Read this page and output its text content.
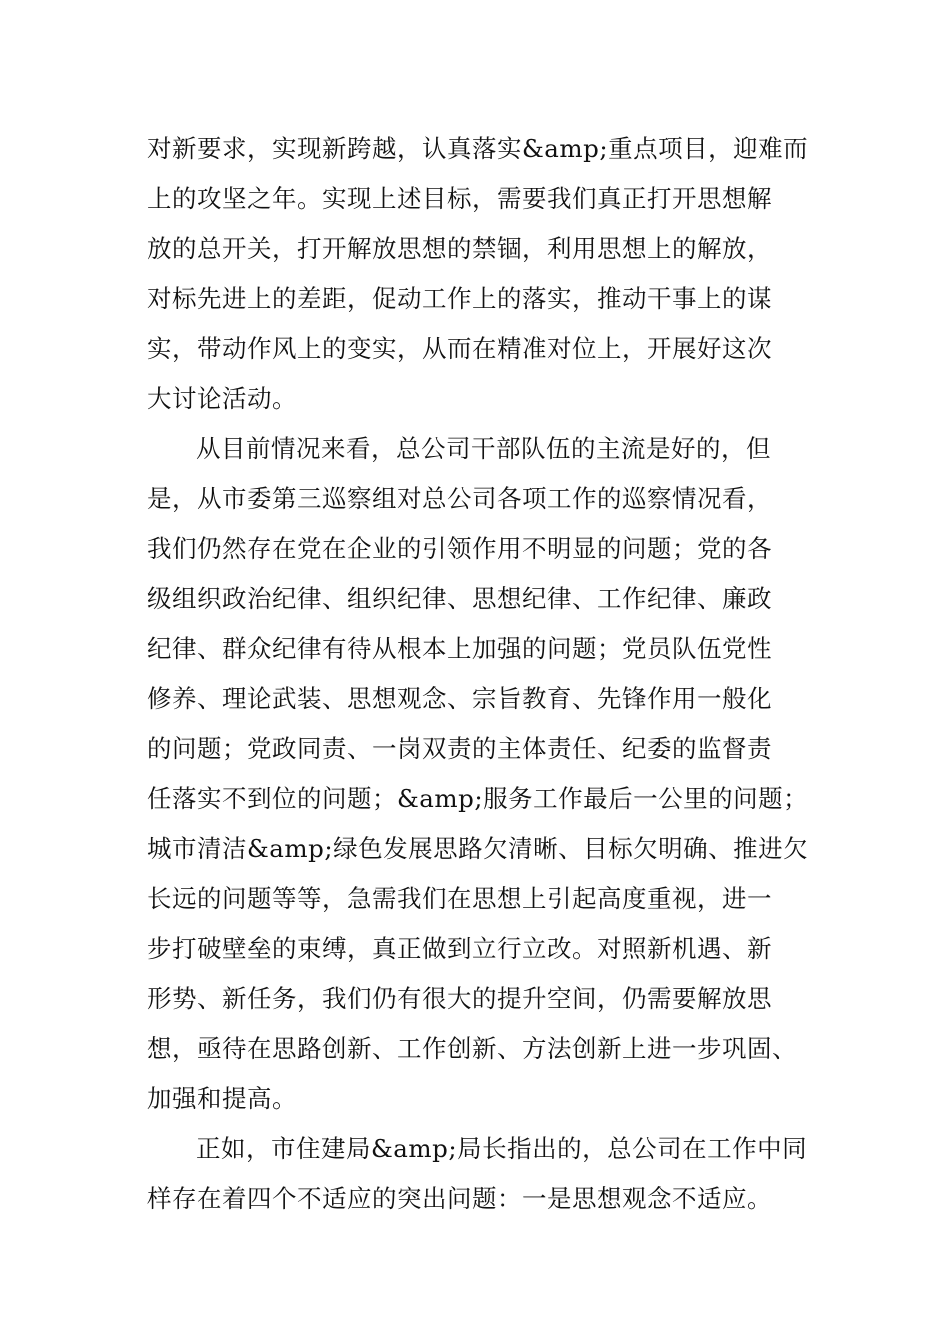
对新要求，实现新跨越，认真落实&amp;重点项目，迎难而
上的攻坚之年。实现上述目标，需要我们真正打开思想解
放的总开关，打开解放思想的禁锢，利用思想上的解放，
对标先进上的差距，促动工作上的落实，推动干事上的谋
实，带动作风上的变实，从而在精准对位上，开展好这次
大讨论活动。
从目前情况来看，总公司干部队伍的主流是好的，但
是，从市委第三巡察组对总公司各项工作的巡察情况看，
我们仍然存在党在企业的引领作用不明显的问题；党的各
级组织政治纪律、组织纪律、思想纪律、工作纪律、廉政
纪律、群众纪律有待从根本上加强的问题；党员队伍党性
修养、理论武装、思想观念、宗旨教育、先锋作用一般化
的问题；党政同责、一岗双责的主体责任、纪委的监督责
任落实不到位的问题；&amp;服务工作最后一公里的问题；
城市清洁&amp;绿色发展思路欠清晰、目标欠明确、推进欠
长远的问题等等，急需我们在思想上引起高度重视，进一
步打破壁垒的束缚，真正做到立行立改。对照新机遇、新
形势、新任务，我们仍有很大的提升空间，仍需要解放思
想，亟待在思路创新、工作创新、方法创新上进一步巩固、
加强和提高。
正如，市住建局&amp;局长指出的，总公司在工作中同
样存在着四个不适应的突出问题：一是思想观念不适应。
